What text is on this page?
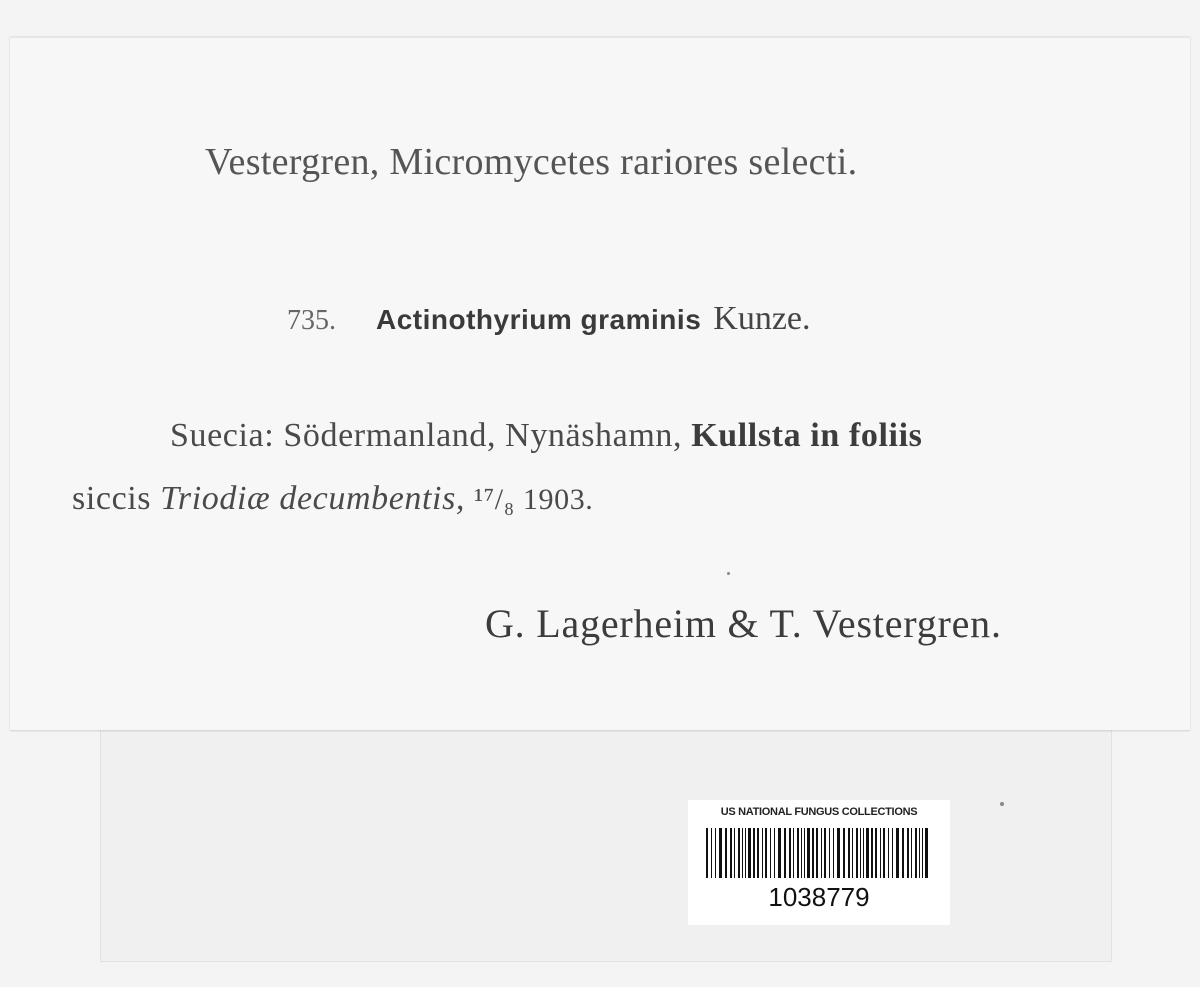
Vestergren, Micromycetes rariores selecti.
735. Actinothyrium graminis Kunze.
Suecia: Södermanland, Nynäshamn, Kullsta in foliis
siccis Triodiæ decumbentis, ¹⁷/₈ 1903.
G. Lagerheim & T. Vestergren.
US NATIONAL FUNGUS COLLECTIONS
1038779
